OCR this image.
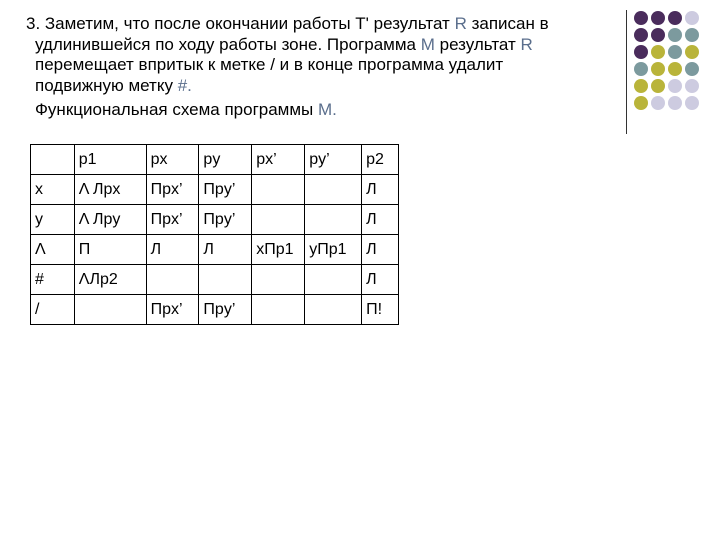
3. Заметим, что после окончании работы T' результат R записан в
удлинившейся по ходу работы зоне. Программа M результат R
перемещает впритык к метке / и в конце программа удалит
подвижную метку #.
Функциональная схема программы M.
	p1	px	py	px’	py’	p2
x	Λ Лpx	Пpx’	Пpy’			Л
y	Λ Лpy	Пpx’	Пpy’			Л
Λ	П	Л	Л	xПp1	yПp1	Л
#	ΛЛp2					Л
/		Пpx’	Пpy’			П!
